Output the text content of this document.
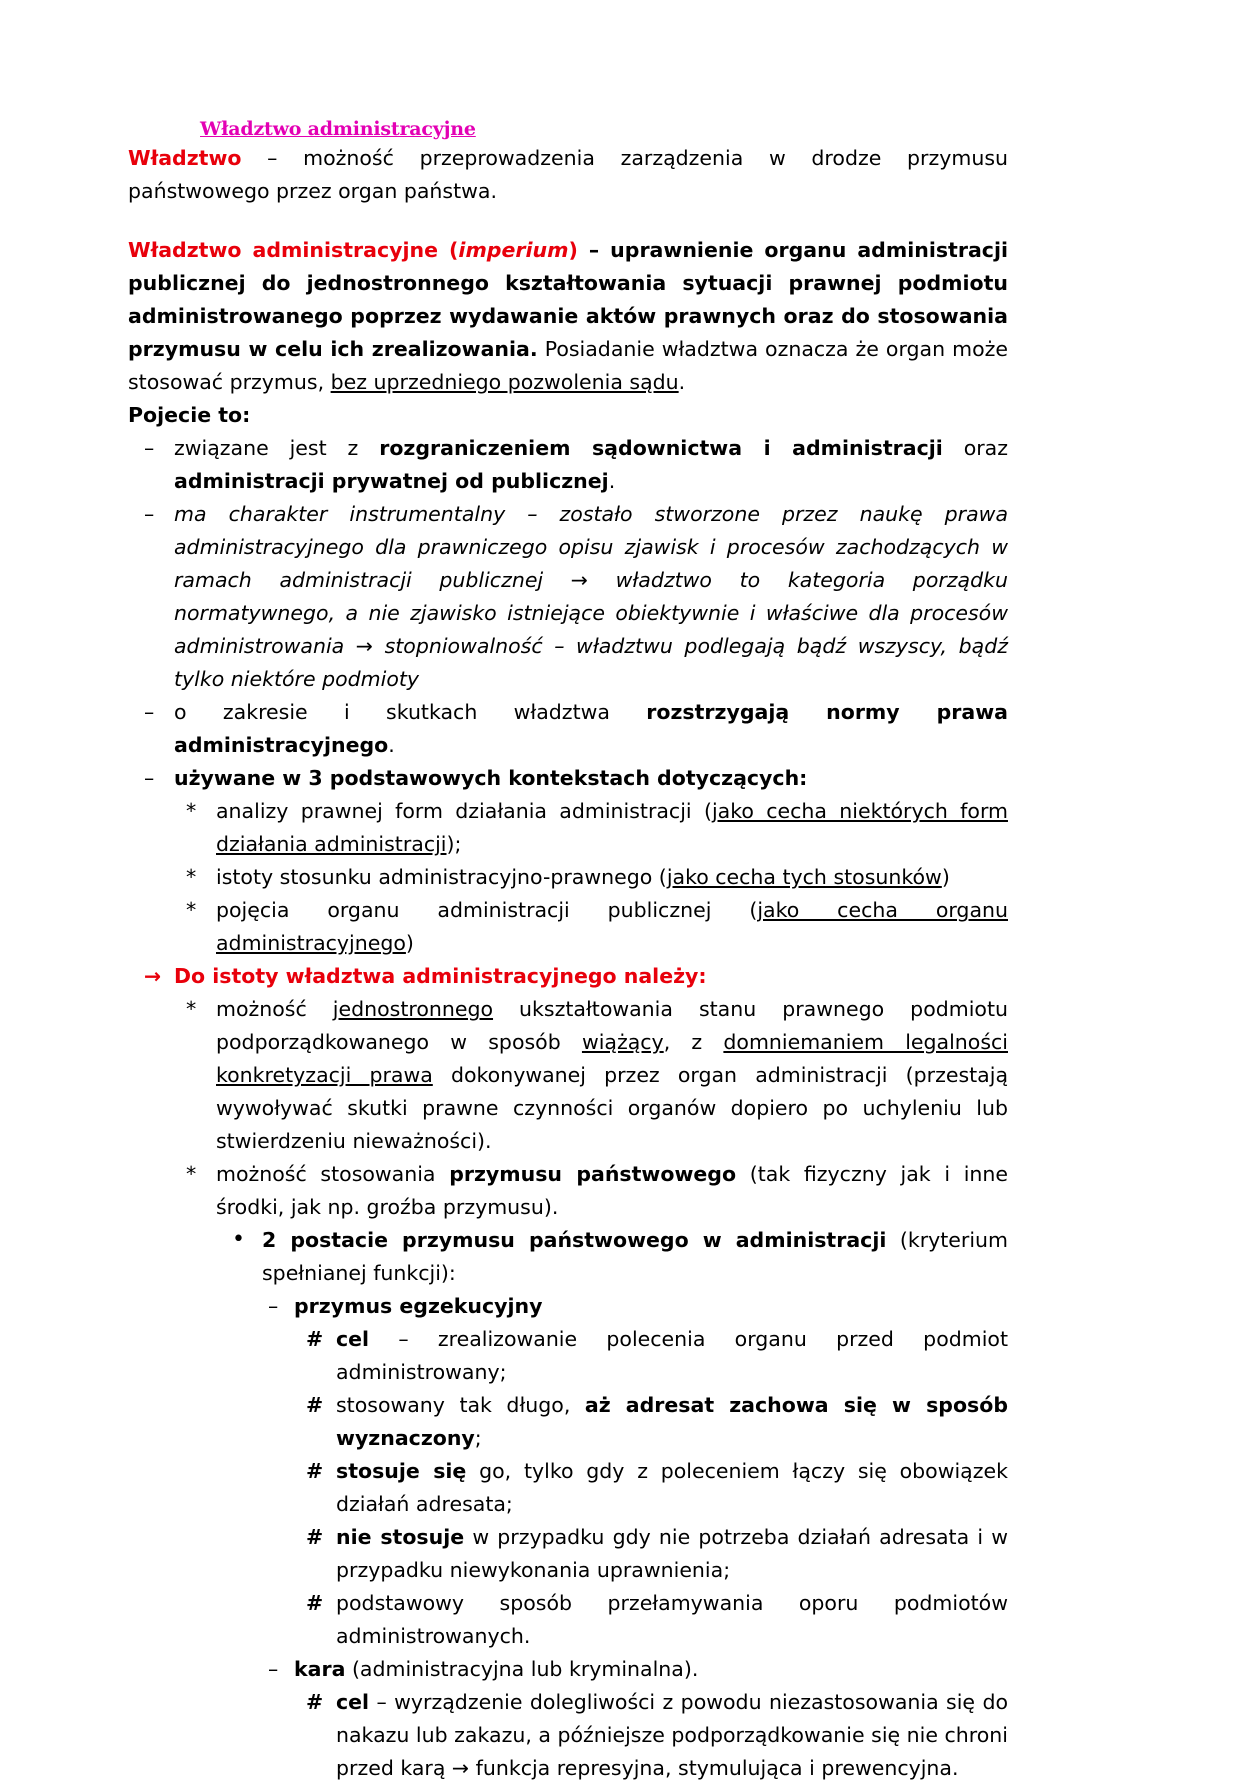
Władztwo administracyjne

Władztwo – możność przeprowadzenia zarządzenia w drodze przymusu państwowego przez organ państwa.

Władztwo administracyjne (imperium) – uprawnienie organu administracji publicznej do jednostronnego kształtowania sytuacji prawnej podmiotu administrowanego poprzez wydawanie aktów prawnych oraz do stosowania przymusu w celu ich zrealizowania. Posiadanie władztwa oznacza że organ może stosować przymus, bez uprzedniego pozwolenia sądu.

Pojecie to:

– związane jest z rozgraniczeniem sądownictwa i administracji oraz administracji prywatnej od publicznej.
– ma charakter instrumentalny – zostało stworzone przez naukę prawa administracyjnego dla prawniczego opisu zjawisk i procesów zachodzących w ramach administracji publicznej → władztwo to kategoria porządku normatywnego, a nie zjawisko istniejące obiektywnie i właściwe dla procesów administrowania → stopniowalność – władztwu podlegają bądź wszyscy, bądź tylko niektóre podmioty
– o zakresie i skutkach władztwa rozstrzygają normy prawa administracyjnego.
– używane w 3 podstawowych kontekstach dotyczących:
* analizy prawnej form działania administracji (jako cecha niektórych form działania administracji);
* istoty stosunku administracyjno-prawnego (jako cecha tych stosunków)
* pojęcia organu administracji publicznej (jako cecha organu administracyjnego)
→ Do istoty władztwa administracyjnego należy:
* możność jednostronnego ukształtowania stanu prawnego podmiotu podporządkowanego w sposób wiążący, z domniemaniem legalności konkretyzacji prawa dokonywanej przez organ administracji (przestają wywoływać skutki prawne czynności organów dopiero po uchyleniu lub stwierdzeniu nieważności).
* możność stosowania przymusu państwowego (tak fizyczny jak i inne środki, jak np. groźba przymusu).
• 2 postacie przymusu państwowego w administracji (kryterium spełnianej funkcji):
– przymus egzekucyjny
# cel – zrealizowanie polecenia organu przed podmiot administrowany;
# stosowany tak długo, aż adresat zachowa się w sposób wyznaczony;
# stosuje się go, tylko gdy z poleceniem łączy się obowiązek działań adresata;
# nie stosuje w przypadku gdy nie potrzeba działań adresata i w przypadku niewykonania uprawnienia;
# podstawowy sposób przełamywania oporu podmiotów administrowanych.
– kara (administracyjna lub kryminalna).
# cel – wyrządzenie dolegliwości z powodu niezastosowania się do nakazu lub zakazu, a późniejsze podporządkowanie się nie chroni przed karą → funkcja represyjna, stymulująca i prewencyjna.
